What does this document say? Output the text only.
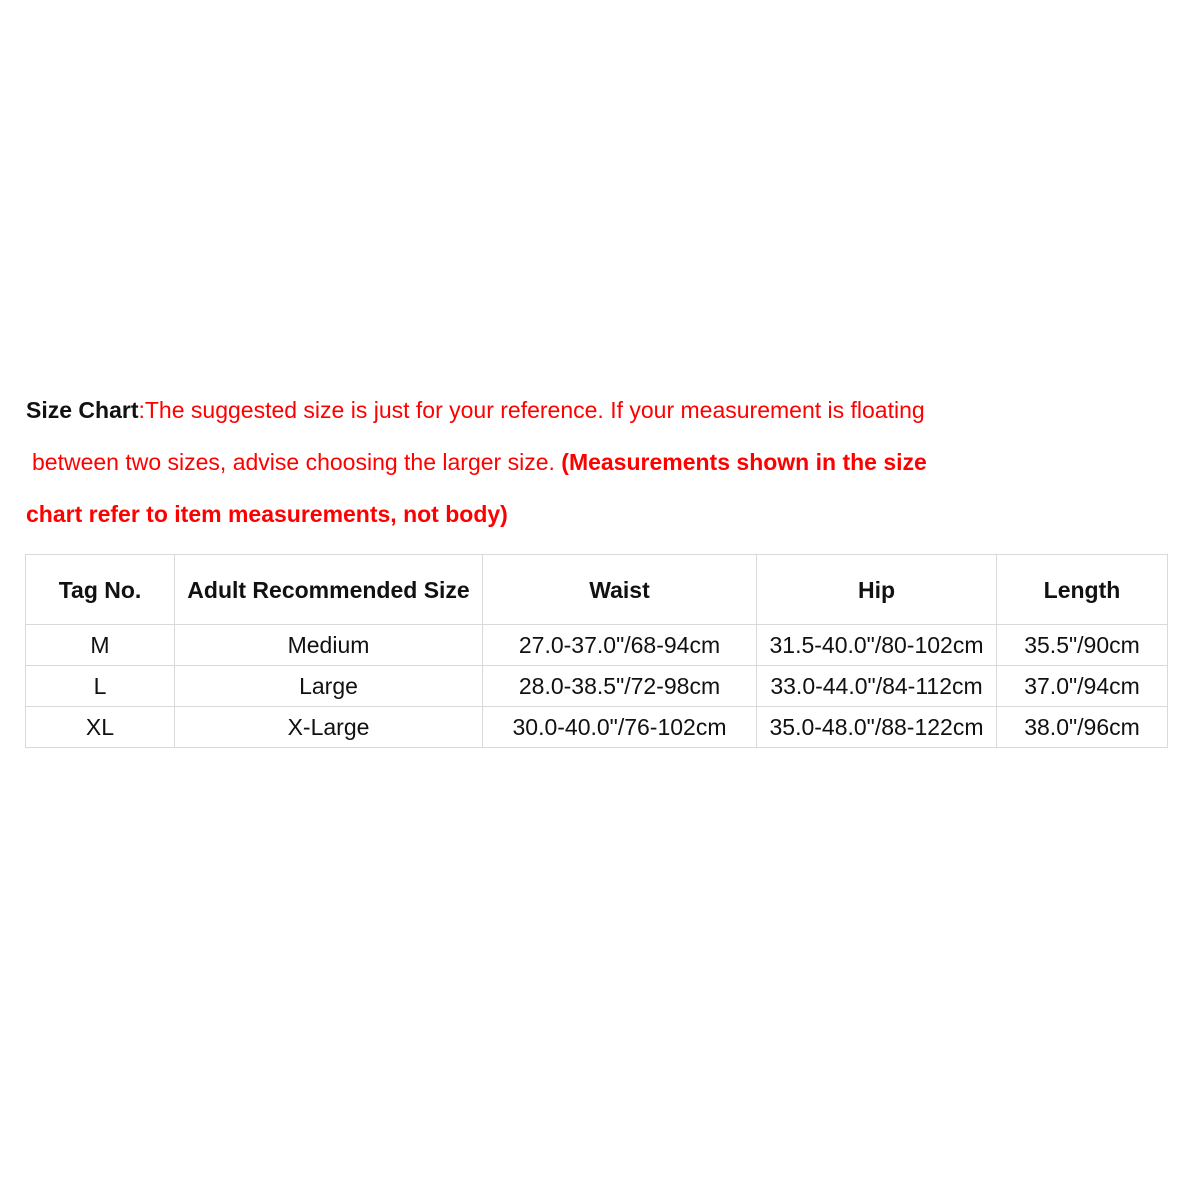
Size Chart:The suggested size is just for your reference. If your measurement is floating
between two sizes, advise choosing the larger size. (Measurements shown in the size
chart refer to item measurements, not body)
Tag No.	Adult Recommended Size	Waist	Hip	Length
M	Medium	27.0-37.0"/68-94cm	31.5-40.0"/80-102cm	35.5"/90cm
L	Large	28.0-38.5"/72-98cm	33.0-44.0"/84-112cm	37.0"/94cm
XL	X-Large	30.0-40.0"/76-102cm	35.0-48.0"/88-122cm	38.0"/96cm
